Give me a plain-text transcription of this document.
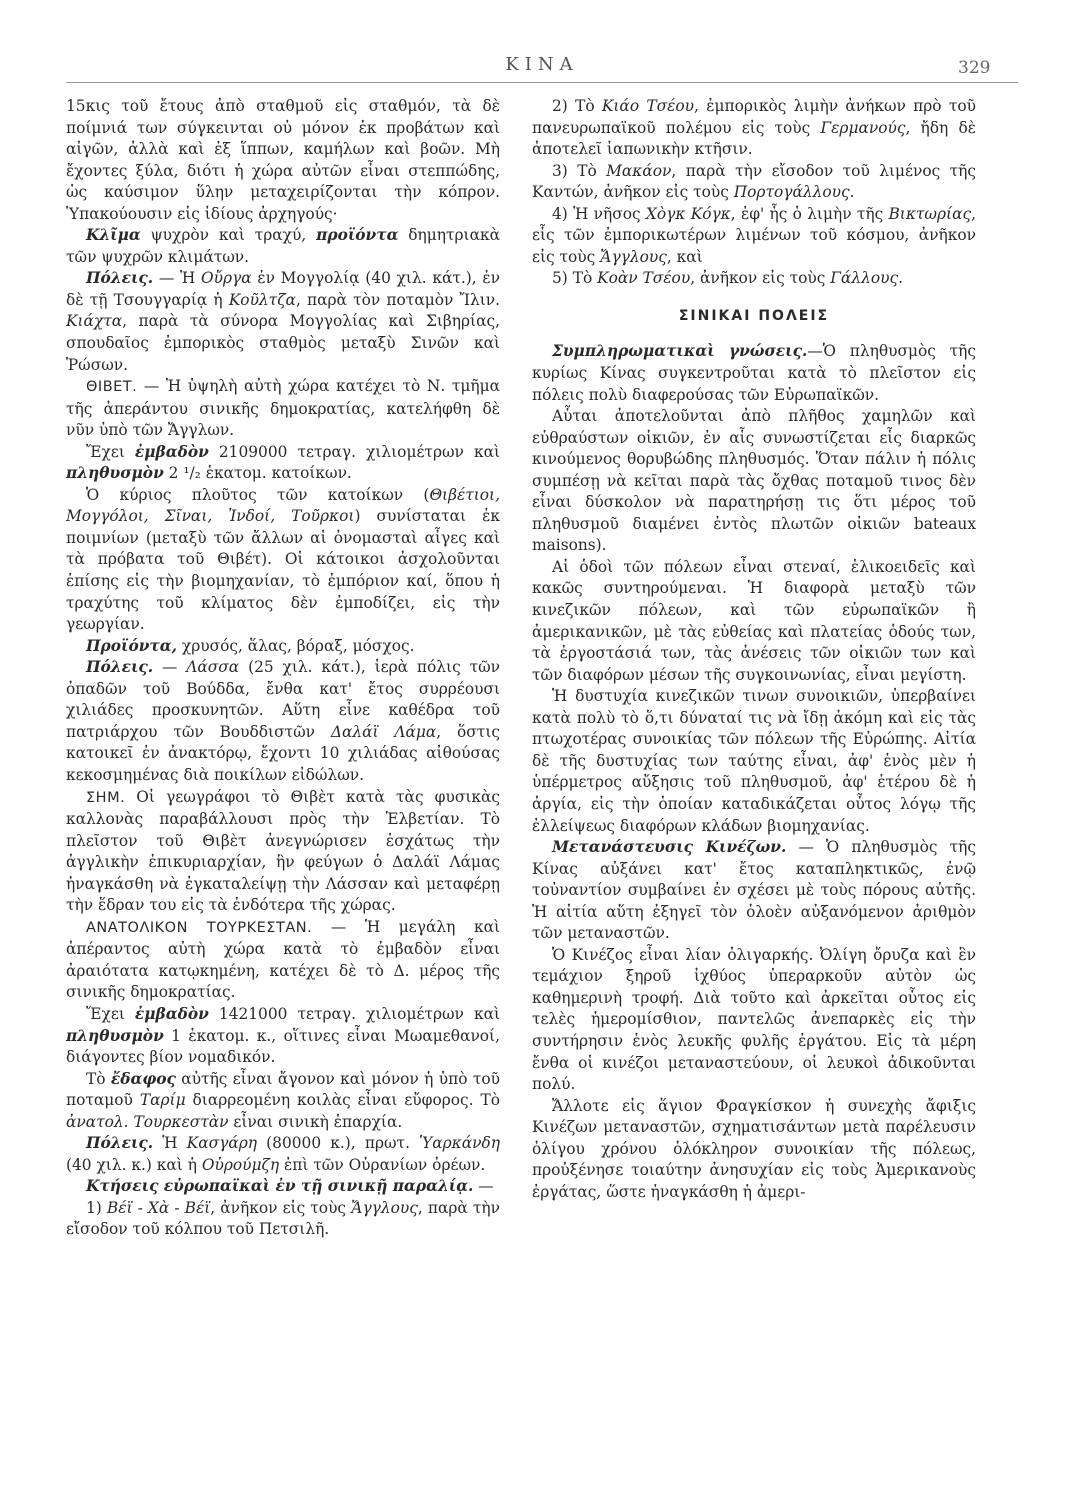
ΚΙΝΑ	329

15κις τοῦ ἔτους ἀπὸ σταθμοῦ εἰς σταθμόν, τὰ δὲ ποίμνιά των σύγκεινται οὐ μόνον ἐκ προβάτων καὶ αἰγῶν, ἀλλὰ καὶ ἐξ ἵππων, καμήλων καὶ βοῶν. Μὴ ἔχοντες ξύλα, διότι ἡ χώρα αὐτῶν εἶναι στεππώδης, ὡς καύσιμον ὕλην μεταχειρίζονται τὴν κόπρον. Ὑπακούουσιν εἰς ἰδίους ἀρχηγούς·

Κλῖμα ψυχρὸν καὶ τραχύ, προϊόντα δημητριακὰ τῶν ψυχρῶν κλιμάτων.

Πόλεις. — Ἡ Οὔργα ἐν Μογγολίᾳ (40 χιλ. κάτ.), ἐν δὲ τῇ Τσουγγαρίᾳ ἡ Κοῦλτζα, παρὰ τὸν ποταμὸν Ἴλιν. Κιάχτα, παρὰ τὰ σύνορα Μογγολίας καὶ Σιβηρίας, σπουδαῖος ἐμπορικὸς σταθμὸς μεταξὺ Σινῶν καὶ Ῥώσων.

ΘΙΒΕΤ. — Ἡ ὑψηλὴ αὐτὴ χώρα κατέχει τὸ Ν. τμῆμα τῆς ἀπεράντου σινικῆς δημοκρατίας, κατελήφθη δὲ νῦν ὑπὸ τῶν Ἄγγλων.

Ἔχει ἐμβαδὸν 2109000 τετραγ. χιλιομέτρων καὶ πληθυσμὸν 2 ¹/₂ ἑκατομ. κατοίκων.

Ὁ κύριος πλοῦτος τῶν κατοίκων (Θιβέτιοι, Μογγόλοι, Σῖναι, Ἰνδοί, Τοῦρκοι) συνίσταται ἐκ ποιμνίων (μεταξὺ τῶν ἄλλων αἱ ὀνομασταὶ αἶγες καὶ τὰ πρόβατα τοῦ Θιβέτ). Οἱ κάτοικοι ἀσχολοῦνται ἐπίσης εἰς τὴν βιομηχανίαν, τὸ ἐμπόριον καί, ὅπου ἡ τραχύτης τοῦ κλίματος δὲν ἐμποδίζει, εἰς τὴν γεωργίαν.

Προϊόντα, χρυσός, ἅλας, βόραξ, μόσχος.

Πόλεις. — Λάσσα (25 χιλ. κάτ.), ἱερὰ πόλις τῶν ὀπαδῶν τοῦ Βούδδα, ἔνθα κατ' ἔτος συρρέουσι χιλιάδες προσκυνητῶν. Αὕτη εἶνε καθέδρα τοῦ πατριάρχου τῶν Βουδδιστῶν Δαλάϊ Λάμα, ὅστις κατοικεῖ ἐν ἀνακτόρῳ, ἔχοντι 10 χιλιάδας αἰθούσας κεκοσμημένας διὰ ποικίλων εἰδώλων.

ΣΗΜ. Οἱ γεωγράφοι τὸ Θιβὲτ κατὰ τὰς φυσικὰς καλλονὰς παραβάλλουσι πρὸς τὴν Ἑλβετίαν. Τὸ πλεῖστον τοῦ Θιβὲτ ἀνεγνώρισεν ἐσχάτως τὴν ἀγγλικὴν ἐπικυριαρχίαν, ἣν φεύγων ὁ Δαλάϊ Λάμας ἠναγκάσθη νὰ ἐγκαταλείψῃ τὴν Λάσσαν καὶ μεταφέρῃ τὴν ἕδραν του εἰς τὰ ἐνδότερα τῆς χώρας.

ΑΝΑΤΟΛΙΚΟΝ ΤΟΥΡΚΕΣΤΑΝ. — Ἡ μεγάλη καὶ ἀπέραντος αὐτὴ χώρα κατὰ τὸ ἐμβαδὸν εἶναι ἀραιότατα κατῳκημένη, κατέχει δὲ τὸ Δ. μέρος τῆς σινικῆς δημοκρατίας.

Ἔχει ἐμβαδὸν 1421000 τετραγ. χιλιομέτρων καὶ πληθυσμὸν 1 ἑκατομ. κ., οἵτινες εἶναι Μωαμεθανοί, διάγοντες βίον νομαδικόν.

Τὸ ἔδαφος αὐτῆς εἶναι ἄγονον καὶ μόνον ἡ ὑπὸ τοῦ ποταμοῦ Ταρίμ διαρρεομένη κοιλὰς εἶναι εὔφορος. Τὸ ἀνατολ. Τουρκεστὰν εἶναι σινικὴ ἐπαρχία.

Πόλεις. Ἡ Κασγάρη (80000 κ.), πρωτ. Ὑαρκάνδη (40 χιλ. κ.) καὶ ἡ Οὐρούμζη ἐπὶ τῶν Οὐρανίων ὀρέων.

Κτήσεις εὐρωπαϊκαὶ ἐν τῇ σινικῇ παραλίᾳ. —

1) Βέϊ - Χὰ - Βέϊ, ἀνῆκον εἰς τοὺς Ἄγγλους, παρὰ τὴν εἴσοδον τοῦ κόλπου τοῦ Πετσιλῆ.

2) Τὸ Κιάο Τσέου, ἐμπορικὸς λιμὴν ἀνήκων πρὸ τοῦ πανευρωπαϊκοῦ πολέμου εἰς τοὺς Γερμανούς, ἤδη δὲ ἀποτελεῖ ἰαπωνικὴν κτῆσιν.

3) Τὸ Μακάον, παρὰ τὴν εἴσοδον τοῦ λιμένος τῆς Καντών, ἀνῆκον εἰς τοὺς Πορτογάλλους.

4) Ἡ νῆσος Χὸγκ Κόγκ, ἐφ' ἧς ὁ λιμὴν τῆς Βικτωρίας, εἷς τῶν ἐμπορικωτέρων λιμένων τοῦ κόσμου, ἀνῆκον εἰς τοὺς Ἄγγλους, καὶ

5) Τὸ Κοὰν Τσέου, ἀνῆκον εἰς τοὺς Γάλλους.

ΣΙΝΙΚΑΙ ΠΟΛΕΙΣ

Συμπληρωματικαὶ γνώσεις.—Ὁ πληθυσμὸς τῆς κυρίως Κίνας συγκεντροῦται κατὰ τὸ πλεῖστον εἰς πόλεις πολὺ διαφερούσας τῶν Εὐρωπαϊκῶν.

Αὗται ἀποτελοῦνται ἀπὸ πλῆθος χαμηλῶν καὶ εὐθραύστων οἰκιῶν, ἐν αἷς συνωστίζεται εἷς διαρκῶς κινούμενος θορυβώδης πληθυσμός. Ὅταν πάλιν ἡ πόλις συμπέσῃ νὰ κεῖται παρὰ τὰς ὄχθας ποταμοῦ τινος δὲν εἶναι δύσκολον νὰ παρατηρήσῃ τις ὅτι μέρος τοῦ πληθυσμοῦ διαμένει ἐντὸς πλωτῶν οἰκιῶν bateaux maisons).

Αἱ ὁδοὶ τῶν πόλεων εἶναι στεναί, ἑλικοειδεῖς καὶ κακῶς συντηρούμεναι. Ἡ διαφορὰ μεταξὺ τῶν κινεζικῶν πόλεων, καὶ τῶν εὐρωπαϊκῶν ἢ ἀμερικανικῶν, μὲ τὰς εὐθείας καὶ πλατείας ὁδούς των, τὰ ἐργοστάσιά των, τὰς ἀνέσεις τῶν οἰκιῶν των καὶ τῶν διαφόρων μέσων τῆς συγκοινωνίας, εἶναι μεγίστη.

Ἡ δυστυχία κινεζικῶν τινων συνοικιῶν, ὑπερβαίνει κατὰ πολὺ τὸ ὅ,τι δύναταί τις νὰ ἴδῃ ἀκόμη καὶ εἰς τὰς πτωχοτέρας συνοικίας τῶν πόλεων τῆς Εὐρώπης. Αἰτία δὲ τῆς δυστυχίας των ταύτης εἶναι, ἀφ' ἑνὸς μὲν ἡ ὑπέρμετρος αὔξησις τοῦ πληθυσμοῦ, ἀφ' ἑτέρου δὲ ἡ ἀργία, εἰς τὴν ὁποίαν καταδικάζεται οὗτος λόγῳ τῆς ἐλλείψεως διαφόρων κλάδων βιομηχανίας.

Μετανάστευσις Κινέζων. — Ὁ πληθυσμὸς τῆς Κίνας αὐξάνει κατ' ἔτος καταπληκτικῶς, ἐνῷ τοὐναντίον συμβαίνει ἐν σχέσει μὲ τοὺς πόρους αὐτῆς. Ἡ αἰτία αὕτη ἐξηγεῖ τὸν ὁλοὲν αὐξανόμενον ἀριθμὸν τῶν μεταναστῶν.

Ὁ Κινέζος εἶναι λίαν ὀλιγαρκής. Ὀλίγη ὄρυζα καὶ ἓν τεμάχιον ξηροῦ ἰχθύος ὑπεραρκοῦν αὐτὸν ὡς καθημερινὴ τροφή. Διὰ τοῦτο καὶ ἀρκεῖται οὗτος εἰς τελὲς ἡμερομίσθιον, παντελῶς ἀνεπαρκὲς εἰς τὴν συντήρησιν ἑνὸς λευκῆς φυλῆς ἐργάτου. Εἰς τὰ μέρη ἔνθα οἱ κινέζοι μεταναστεύουν, οἱ λευκοὶ ἀδικοῦνται πολύ.

Ἄλλοτε εἰς ἅγιον Φραγκίσκον ἡ συνεχὴς ἄφιξις Κινέζων μεταναστῶν, σχηματισάντων μετὰ παρέλευσιν ὀλίγου χρόνου ὁλόκληρον συνοικίαν τῆς πόλεως, προὐξένησε τοιαύτην ἀνησυχίαν εἰς τοὺς Ἀμερικανοὺς ἐργάτας, ὥστε ἠναγκάσθη ἡ ἀμερι-
